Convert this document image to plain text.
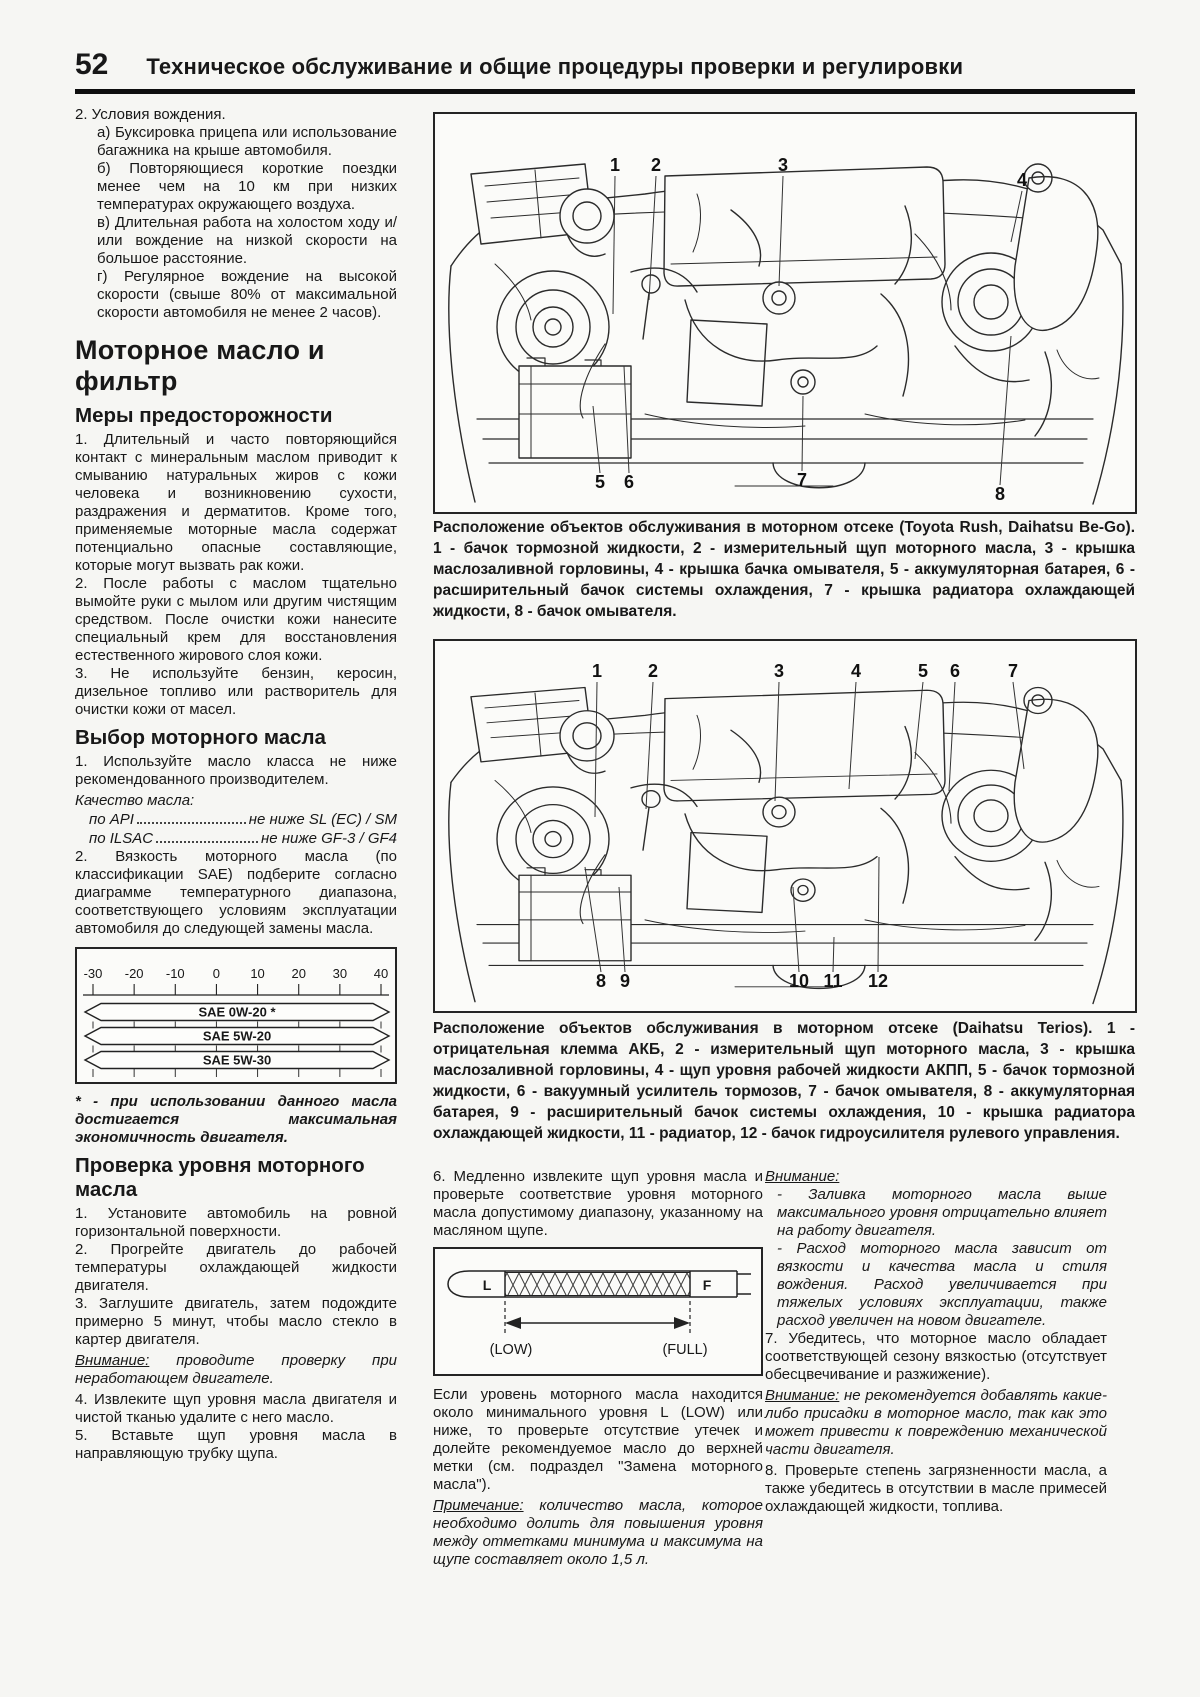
52 Техническое обслуживание и общие процедуры проверки и регулировки

2. Условия вождения.

а) Буксировка прицепа или использование багажника на крыше автомобиля.

б) Повторяющиеся короткие поездки менее чем на 10 км при низких температурах окружающего воздуха.

в) Длительная работа на холостом ходу и/или вождение на низкой скорости на большое расстояние.

г) Регулярное вождение на высокой скорости (свыше 80% от максимальной скорости автомобиля не менее 2 часов).

Моторное масло и фильтр
Меры предосторожности

1. Длительный и часто повторяющийся контакт с минеральным маслом приводит к смыванию натуральных жиров с кожи человека и возникновению сухости, раздражения и дерматитов. Кроме того, применяемые моторные масла содержат потенциально опасные составляющие, которые могут вызвать рак кожи.

2. После работы с маслом тщательно вымойте руки с мылом или другим чистящим средством. После очистки кожи нанесите специальный крем для восстановления естественного жирового слоя кожи.

3. Не используйте бензин, керосин, дизельное топливо или растворитель для очистки кожи от масел.

Выбор моторного масла

1. Используйте масло класса не ниже рекомендованного производителем.

Качество масла:

по API	не ниже SL (EC) / SM
по ILSAC	не ниже GF-3 / GF4

2. Вязкость моторного масла (по классификации SAE) подберите согласно диаграмме температурного диапазона, соответствующего условиям эксплуатации автомобиля до следующей замены масла.

-30 -20 -10 0 10 20 30 40
SAE 0W-20 *
SAE 5W-20
SAE 5W-30

* - при использовании данного масла достигается максимальная экономичность двигателя.

Проверка уровня моторного масла

1. Установите автомобиль на ровной горизонтальной поверхности.

2. Прогрейте двигатель до рабочей температуры охлаждающей жидкости двигателя.

3. Заглушите двигатель, затем подождите примерно 5 минут, чтобы масло стекло в картер двигателя.

Внимание: проводите проверку при неработающем двигателе.

4. Извлеките щуп уровня масла двигателя и чистой тканью удалите с него масло.

5. Вставьте щуп уровня масла в направляющую трубку щупа.

1 2	3
4
5 6	7
8
Расположение объектов обслуживания в моторном отсеке (Toyota Rush, Daihatsu Be-Go). 1 - бачок тормозной жидкости, 2 - измерительный щуп моторного масла, 3 - крышка маслозаливной горловины, 4 - крышка бачка омывателя, 5 - аккумуляторная батарея, 6 - расширительный бачок системы охлаждения, 7 - крышка радиатора охлаждающей жидкости, 8 - бачок омывателя.
1	2	3	4	5 6	7
8 9	10 11 12
Расположение объектов обслуживания в моторном отсеке (Daihatsu Terios). 1 - отрицательная клемма АКБ, 2 - измерительный щуп моторного масла, 3 - крышка маслозаливной горловины, 4 - щуп уровня рабочей жидкости АКПП, 5 - бачок тормозной жидкости, 6 - вакуумный усилитель тормозов, 7 - бачок омывателя, 8 - аккумуляторная батарея, 9 - расширительный бачок системы охлаждения, 10 - крышка радиатора охлаждающей жидкости, 11 - радиатор, 12 - бачок гидроусилителя рулевого управления.

6. Медленно извлеките щуп уровня масла и проверьте соответствие уровня моторного масла допустимому диапазону, указанному на масляном щупе.

L	F
(LOW)	(FULL)

Если уровень моторного масла находится около минимального уровня L (LOW) или ниже, то проверьте отсутствие утечек и долейте рекомендуемое масло до верхней метки (см. подраздел "Замена моторного масла").

Примечание: количество масла, которое необходимо долить для повышения уровня между отметками минимума и максимума на щупе составляет около 1,5 л.

Внимание:

- Заливка моторного масла выше максимального уровня отрицательно влияет на работу двигателя.

- Расход моторного масла зависит от вязкости и качества масла и стиля вождения. Расход увеличивается при тяжелых условиях эксплуатации, также расход увеличен на новом двигателе.

7. Убедитесь, что моторное масло обладает соответствующей сезону вязкостью (отсутствует обесцвечивание и разжижение).

Внимание: не рекомендуется добавлять какие-либо присадки в моторное масло, так как это может привести к повреждению механической части двигателя.

8. Проверьте степень загрязненности масла, а также убедитесь в отсутствии в масле примесей охлаждающей жидкости, топлива.
